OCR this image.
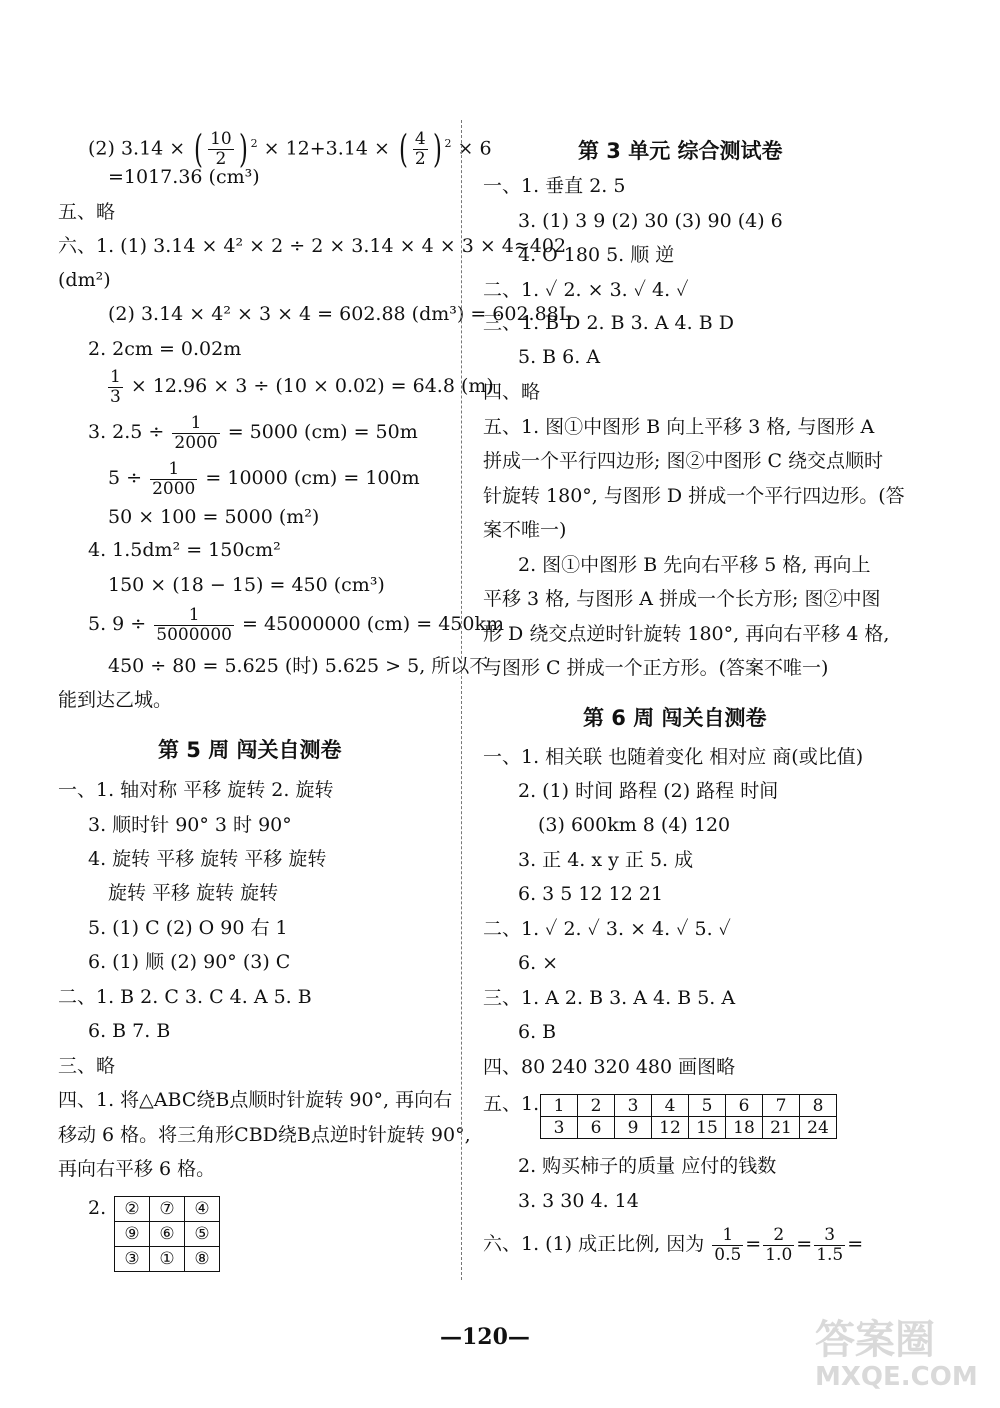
(2) 3.14 × ( $\frac{10}{2}$ ) $^2$ × 12+3.14 × ( $\frac{4}{2}$ ) $^2$ × 6
=1017.36 (cm³)
五、略
六、1. (1) 3.14 × 4² × 2 ÷ 2 × 3.14 × 4 × 3 × 4≈402
(dm²)
(2) 3.14 × 4² × 3 × 4 = 602.88 (dm³) = 602.88L
2. 2cm = 0.02m
$\frac{1}{3} \times 12.96 \times 3 \div (10 \times 0.02) = 64.8$ (m)
3. $2.5 \div \frac{1}{2000} = 5000$ (cm) = 50m
$5 \div \frac{1}{2000} = 10000$ (cm) = 100m
50 × 100 = 5000 (m²)
4. 1.5dm² = 150cm²
150 × (18 − 15) = 450 (cm³)
5. $9 \div \frac{1}{5000000} = 45000000$ (cm) = 450km
450 ÷ 80 = 5.625 (时) 5.625 > 5, 所以不
能到达乙城。
第 5 周 闯关自测卷
一、1. 轴对称 平移 旋转 2. 旋转
3. 顺时针 90° 3 时 90°
4. 旋转 平移 旋转 平移 旋转
旋转 平移 旋转 旋转
5. (1) C (2) O 90 右 1
6. (1) 顺 (2) 90° (3) C
二、1. B 2. C 3. C 4. A 5. B
6. B 7. B
三、略
四、1. 将△ABC绕B点顺时针旋转 90°, 再向右
移动 6 格。将三角形CBD绕B点逆时针旋转 90°,
再向右平移 6 格。
2. ②	⑦	④
⑨	⑥	⑤
③	①	⑧
第 3 单元 综合测试卷
一、1. 垂直 2. 5
3. (1) 3 9 (2) 30 (3) 90 (4) 6
4. O 180 5. 顺 逆
二、1. ✓ 2. × 3. ✓ 4. ✓
三、1. B D 2. B 3. A 4. B D
5. B 6. A
四、略
五、1. 图①中图形 B 向上平移 3 格, 与图形 A
拼成一个平行四边形; 图②中图形 C 绕交点顺时
针旋转 180°, 与图形 D 拼成一个平行四边形。(答
案不唯一)
2. 图①中图形 B 先向右平移 5 格, 再向上
平移 3 格, 与图形 A 拼成一个长方形; 图②中图
形 D 绕交点逆时针旋转 180°, 再向右平移 4 格,
与图形 C 拼成一个正方形。(答案不唯一)
第 6 周 闯关自测卷
一、1. 相关联 也随着变化 相对应 商(或比值)
2. (1) 时间 路程 (2) 路程 时间
(3) 600km 8 (4) 120
3. 正 4. x y 正 5. 成
6. 3 5 12 12 21
二、1. ✓ 2. ✓ 3. × 4. ✓ 5. ✓
6. ×
三、1. A 2. B 3. A 4. B 5. A
6. B
四、80 240 320 480 画图略
五、1. 1	2	3	4	5	6	7	8
3	6	9	12	15	18	21	24
2. 购买柿子的质量 应付的钱数
3. 3 30 4. 14
六、1. (1) 成正比例, 因为 $\frac{1}{0.5} = \frac{2}{1.0} = \frac{3}{1.5}$ =
—120—	答案圈
MXQE.COM
